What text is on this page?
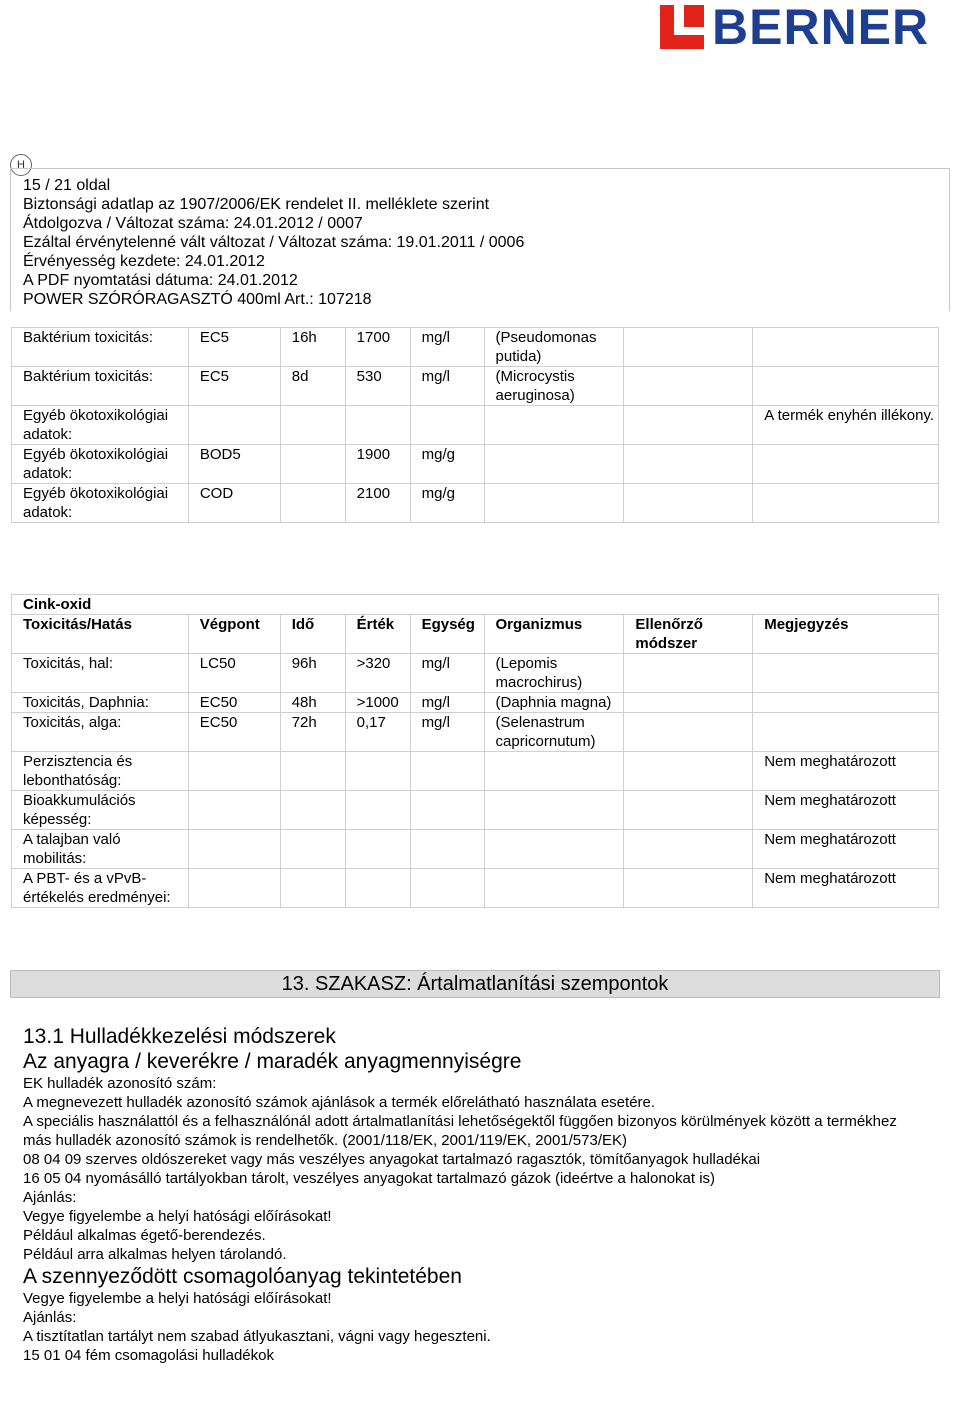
BERNER
H
15 / 21 oldal
Biztonsági adatlap az 1907/2006/EK rendelet II. melléklete szerint
Átdolgozva / Változat száma: 24.01.2012 / 0007
Ezáltal érvénytelenné vált változat / Változat száma: 19.01.2011 / 0006
Érvényesség kezdete: 24.01.2012
A PDF nyomtatási dátuma: 24.01.2012
POWER SZÓRÓRAGASZTÓ 400ml Art.: 107218
Baktérium toxicitás:	EC5	16h	1700	mg/l	(Pseudomonas putida)		
Baktérium toxicitás:	EC5	8d	530	mg/l	(Microcystis aeruginosa)		
Egyéb ökotoxikológiai adatok:							A termék enyhén illékony.
Egyéb ökotoxikológiai adatok:	BOD5		1900	mg/g			
Egyéb ökotoxikológiai adatok:	COD		2100	mg/g			
Cink-oxid							
Toxicitás/Hatás	Végpont	Idő	Érték	Egység	Organizmus	Ellenőrző módszer	Megjegyzés
Toxicitás, hal:	LC50	96h	>320	mg/l	(Lepomis macrochirus)		
Toxicitás, Daphnia:	EC50	48h	>1000	mg/l	(Daphnia magna)		
Toxicitás, alga:	EC50	72h	0,17	mg/l	(Selenastrum capricornutum)		
Perzisztencia és lebonthatóság:							Nem meghatározott
Bioakkumulációs képesség:							Nem meghatározott
A talajban való mobilitás:							Nem meghatározott
A PBT- és a vPvB-értékelés eredményei:							Nem meghatározott
13. SZAKASZ: Ártalmatlanítási szempontok
13.1 Hulladékkezelési módszerek
Az anyagra / keverékre / maradék anyagmennyiségre
EK hulladék azonosító szám:
A megnevezett hulladék azonosító számok ajánlások a termék előrelátható használata esetére.
A speciális használattól és a felhasználónál adott ártalmatlanítási lehetőségektől függően bizonyos körülmények között a termékhez
más hulladék azonosító számok is rendelhetők. (2001/118/EK, 2001/119/EK, 2001/573/EK)
08 04 09 szerves oldószereket vagy más veszélyes anyagokat tartalmazó ragasztók, tömítőanyagok hulladékai
16 05 04 nyomásálló tartályokban tárolt, veszélyes anyagokat tartalmazó gázok (ideértve a halonokat is)
Ajánlás:
Vegye figyelembe a helyi hatósági előírásokat!
Például alkalmas égető-berendezés.
Például arra alkalmas helyen tárolandó.
A szennyeződött csomagolóanyag tekintetében
Vegye figyelembe a helyi hatósági előírásokat!
Ajánlás:
A tisztítatlan tartályt nem szabad átlyukasztani, vágni vagy hegeszteni.
15 01 04 fém csomagolási hulladékok
